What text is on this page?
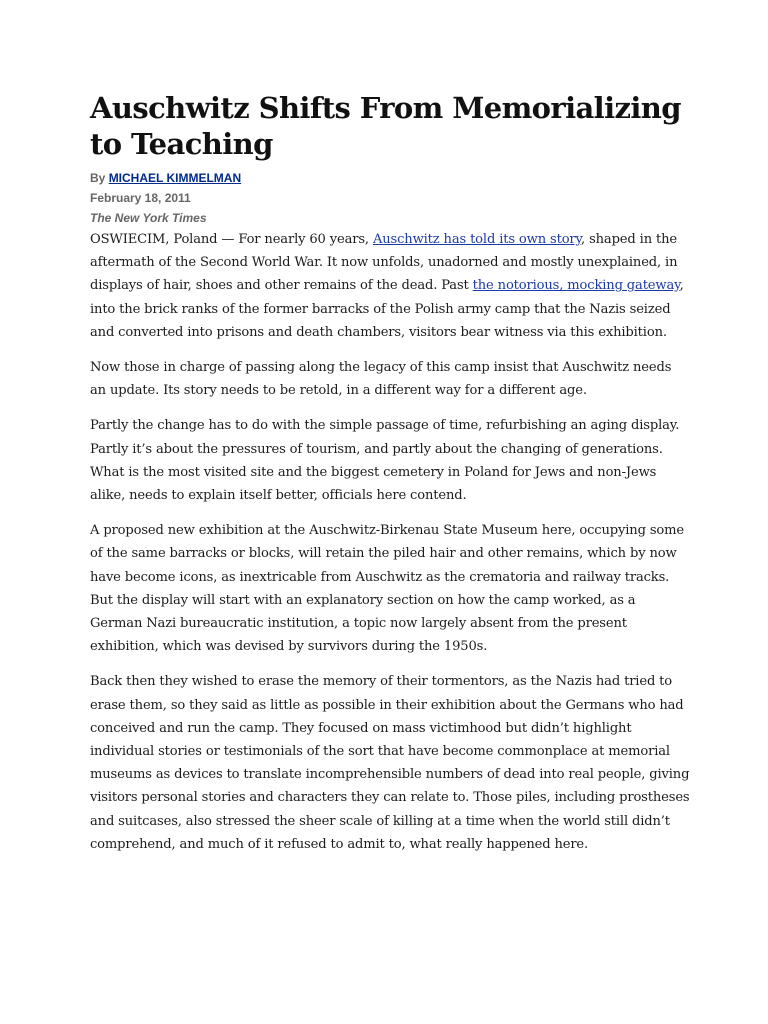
Auschwitz Shifts From Memorializing to Teaching
By MICHAEL KIMMELMAN
February 18, 2011
The New York Times

OSWIECIM, Poland — For nearly 60 years, Auschwitz has told its own story, shaped in the aftermath of the Second World War. It now unfolds, unadorned and mostly unexplained, in displays of hair, shoes and other remains of the dead. Past the notorious, mocking gateway, into the brick ranks of the former barracks of the Polish army camp that the Nazis seized and converted into prisons and death chambers, visitors bear witness via this exhibition.

Now those in charge of passing along the legacy of this camp insist that Auschwitz needs an update. Its story needs to be retold, in a different way for a different age.

Partly the change has to do with the simple passage of time, refurbishing an aging display. Partly it’s about the pressures of tourism, and partly about the changing of generations. What is the most visited site and the biggest cemetery in Poland for Jews and non-Jews alike, needs to explain itself better, officials here contend.

A proposed new exhibition at the Auschwitz-Birkenau State Museum here, occupying some of the same barracks or blocks, will retain the piled hair and other remains, which by now have become icons, as inextricable from Auschwitz as the crematoria and railway tracks. But the display will start with an explanatory section on how the camp worked, as a German Nazi bureaucratic institution, a topic now largely absent from the present exhibition, which was devised by survivors during the 1950s.

Back then they wished to erase the memory of their tormentors, as the Nazis had tried to erase them, so they said as little as possible in their exhibition about the Germans who had conceived and run the camp. They focused on mass victimhood but didn’t highlight individual stories or testimonials of the sort that have become commonplace at memorial museums as devices to translate incomprehensible numbers of dead into real people, giving visitors personal stories and characters they can relate to. Those piles, including prostheses and suitcases, also stressed the sheer scale of killing at a time when the world still didn’t comprehend, and much of it refused to admit to, what really happened here.
